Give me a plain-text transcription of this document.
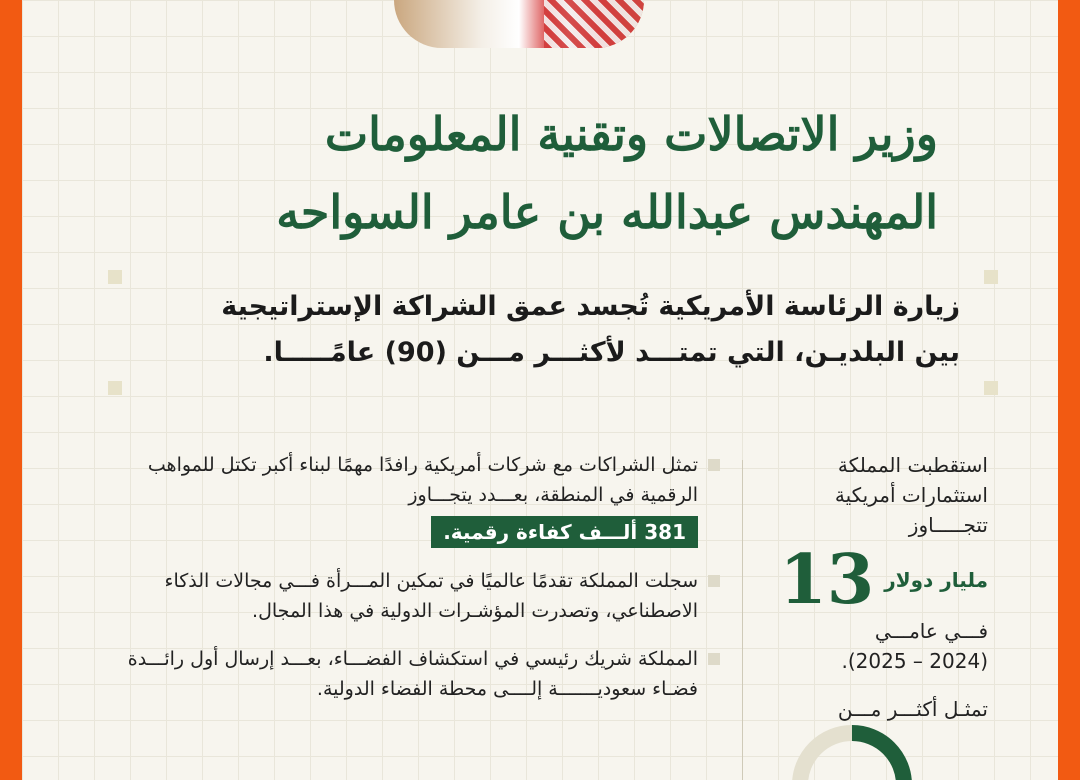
وزير الاتصالات وتقنية المعلومات
المهندس عبدالله بن عامر السواحه
زيارة الرئاسة الأمريكية تُجسد عمق الشراكة الإستراتيجية
بين البلديـن، التي تمتـــد لأكثـــر مـــن (90) عامًـــــا.
تمثل الشراكات مع شركات أمريكية رافدًا مهمًا لبناء أكبر تكتل للمواهب الرقمية في المنطقة، بعـــدد يتجـــاوز
381 ألـــف كفاءة رقمية.
سجلت المملكة تقدمًا عالميًا في تمكين المـــرأة فـــي مجالات الذكاء الاصطناعي، وتصدرت المؤشـرات الدولية في هذا المجال.
المملكة شريك رئيسي في استكشاف الفضـــاء، بعـــد إرسال أول رائـــدة فضـاء سعوديـــــــة إلــــى محطة الفضاء الدولية.
استقطبت المملكة استثمارات أمريكية تتجـــــاوز
13 مليار دولار
فـــي عامـــي
(2024 – 2025).
تمثـل أكثـــر مـــن
